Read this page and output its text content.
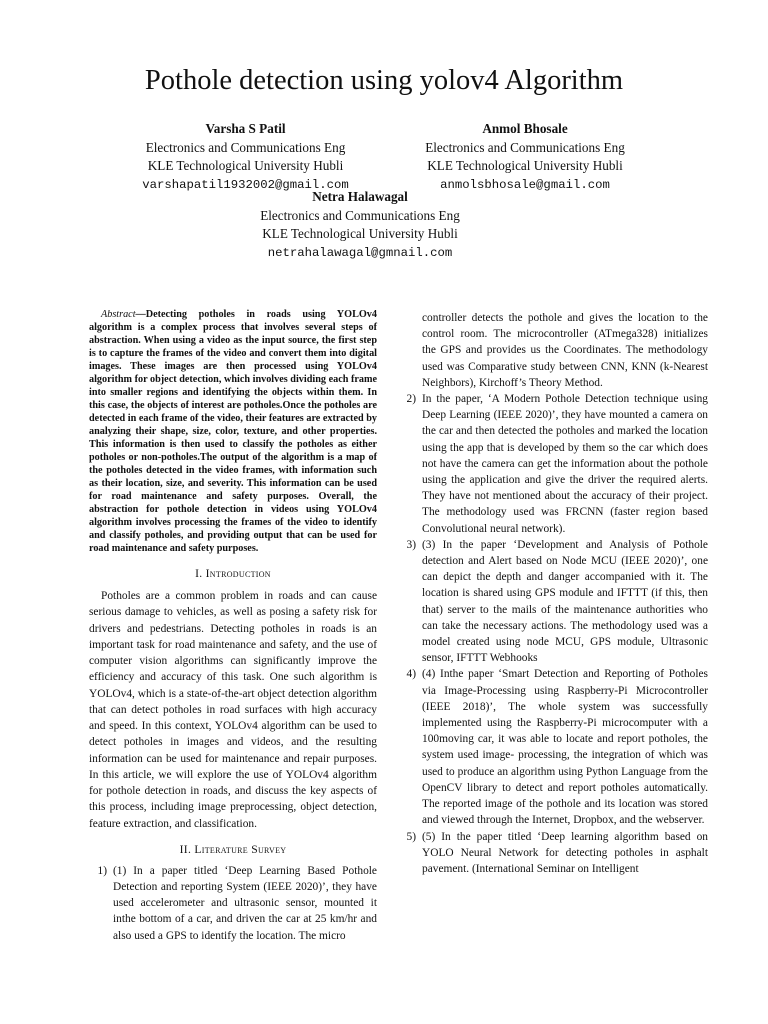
Pothole detection using yolov4 Algorithm
Varsha S Patil
Electronics and Communications Eng
KLE Technological University Hubli
varshapatil1932002@gmail.com
Anmol Bhosale
Electronics and Communications Eng
KLE Technological University Hubli
anmolsbhosale@gmail.com
Netra Halawagal
Electronics and Communications Eng
KLE Technological University Hubli
netrahalawagal@gmnail.com

Abstract—Detecting potholes in roads using YOLOv4 algorithm is a complex process that involves several steps of abstraction. When using a video as the input source, the first step is to capture the frames of the video and convert them into digital images. These images are then processed using YOLOv4 algorithm for object detection, which involves dividing each frame into smaller regions and identifying the objects within them. In this case, the objects of interest are potholes.Once the potholes are detected in each frame of the video, their features are extracted by analyzing their shape, size, color, texture, and other properties. This information is then used to classify the potholes as either potholes or non-potholes.The output of the algorithm is a map of the potholes detected in the video frames, with information such as their location, size, and severity. This information can be used for road maintenance and safety purposes. Overall, the abstraction for pothole detection in videos using YOLOv4 algorithm involves processing the frames of the video to identify and classify potholes, and providing output that can be used for road maintenance and safety purposes.

I. Introduction

Potholes are a common problem in roads and can cause serious damage to vehicles, as well as posing a safety risk for drivers and pedestrians. Detecting potholes in roads is an important task for road maintenance and safety, and the use of computer vision algorithms can significantly improve the efficiency and accuracy of this task. One such algorithm is YOLOv4, which is a state-of-the-art object detection algorithm that can detect potholes in road surfaces with high accuracy and speed. In this context, YOLOv4 algorithm can be used to detect potholes in images and videos, and the resulting information can be used for maintenance and repair purposes. In this article, we will explore the use of YOLOv4 algorithm for pothole detection in roads, and discuss the key aspects of this process, including image preprocessing, object detection, feature extraction, and classification.

II. Literature Survey

1) (1) In a paper titled ‘Deep Learning Based Pothole Detection and reporting System (IEEE 2020)’, they have used accelerometer and ultrasonic sensor, mounted it inthe bottom of a car, and driven the car at 25 km/hr and also used a GPS to identify the location. The micro

controller detects the pothole and gives the location to the control room. The microcontroller (ATmega328) initializes the GPS and provides us the Coordinates. The methodology used was Comparative study between CNN, KNN (k-Nearest Neighbors), Kirchoff’s Theory Method.

2) In the paper, ‘A Modern Pothole Detection technique using Deep Learning (IEEE 2020)’, they have mounted a camera on the car and then detected the potholes and marked the location using the app that is developed by them so the car which does not have the camera can get the information about the pothole using the application and give the driver the required alerts. They have not mentioned about the accuracy of their project. The methodology used was FRCNN (faster region based Convolutional neural network).
3) (3) In the paper ‘Development and Analysis of Pothole detection and Alert based on Node MCU (IEEE 2020)’, one can depict the depth and danger accompanied with it. The location is shared using GPS module and IFTTT (if this, then that) server to the mails of the maintenance authorities who can take the necessary actions. The methodology used was a model created using node MCU, GPS module, Ultrasonic sensor, IFTTT Webhooks
4) (4) Inthe paper ‘Smart Detection and Reporting of Potholes via Image-Processing using Raspberry-Pi Microcontroller (IEEE 2018)’, The whole system was successfully implemented using the Raspberry-Pi microcomputer with a 100moving car, it was able to locate and report potholes, the system used image- processing, the integration of which was used to produce an algorithm using Python Language from the OpenCV library to detect and report potholes automatically. The reported image of the pothole and its location was stored and viewed through the Internet, Dropbox, and the webserver.
5) (5) In the paper titled ‘Deep learning algorithm based on YOLO Neural Network for detecting potholes in asphalt pavement. (International Seminar on Intelligent
